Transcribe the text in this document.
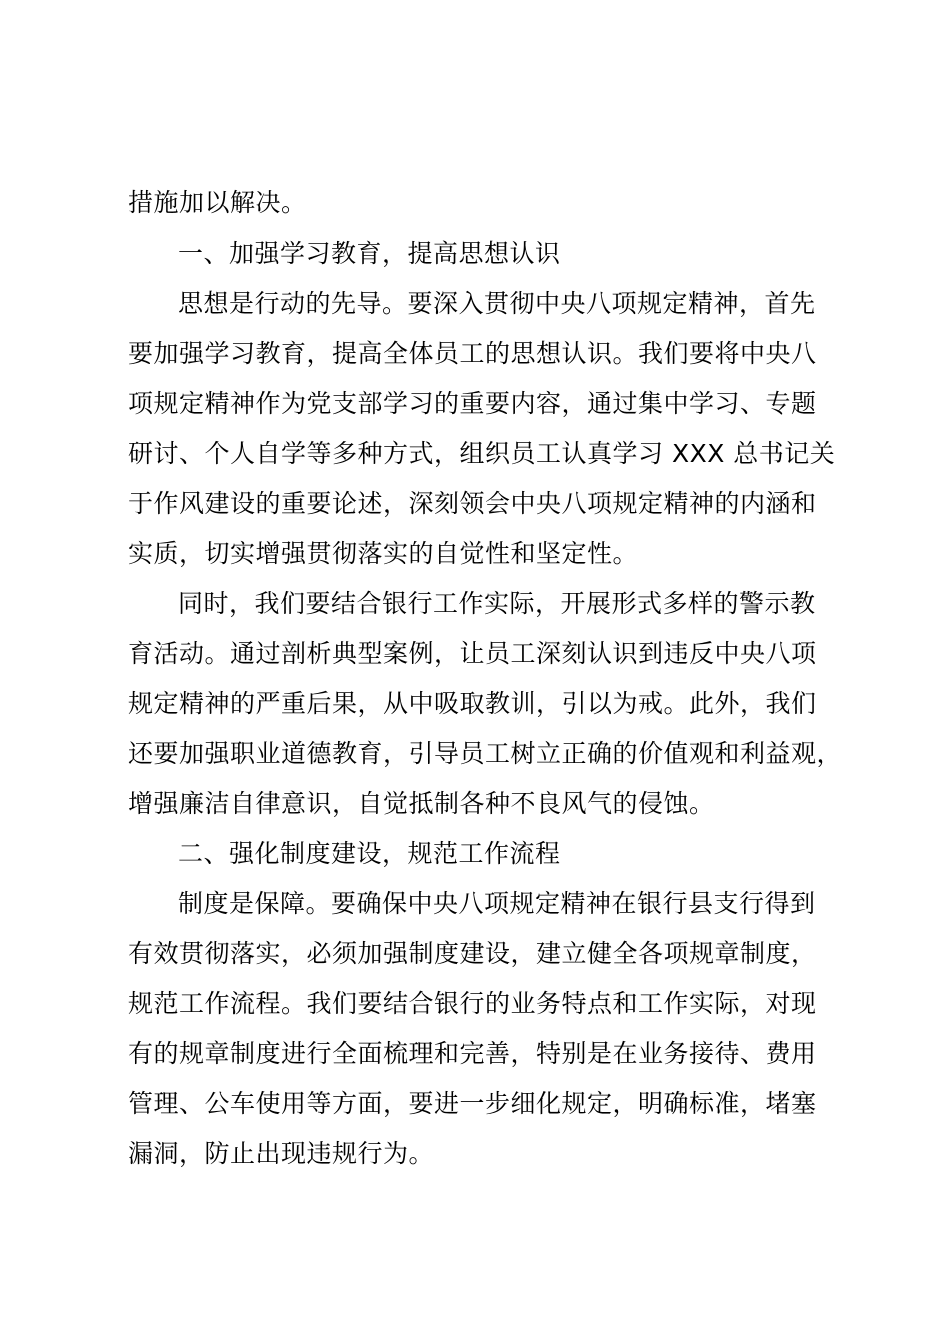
措施加以解决。
一、加强学习教育，提高思想认识
思想是行动的先导。要深入贯彻中央八项规定精神，首先
要加强学习教育，提高全体员工的思想认识。我们要将中央八
项规定精神作为党支部学习的重要内容，通过集中学习、专题
研讨、个人自学等多种方式，组织员工认真学习 XXX 总书记关
于作风建设的重要论述，深刻领会中央八项规定精神的内涵和
实质，切实增强贯彻落实的自觉性和坚定性。
同时，我们要结合银行工作实际，开展形式多样的警示教
育活动。通过剖析典型案例，让员工深刻认识到违反中央八项
规定精神的严重后果，从中吸取教训，引以为戒。此外，我们
还要加强职业道德教育，引导员工树立正确的价值观和利益观，
增强廉洁自律意识，自觉抵制各种不良风气的侵蚀。
二、强化制度建设，规范工作流程
制度是保障。要确保中央八项规定精神在银行县支行得到
有效贯彻落实，必须加强制度建设，建立健全各项规章制度，
规范工作流程。我们要结合银行的业务特点和工作实际，对现
有的规章制度进行全面梳理和完善，特别是在业务接待、费用
管理、公车使用等方面，要进一步细化规定，明确标准，堵塞
漏洞，防止出现违规行为。
